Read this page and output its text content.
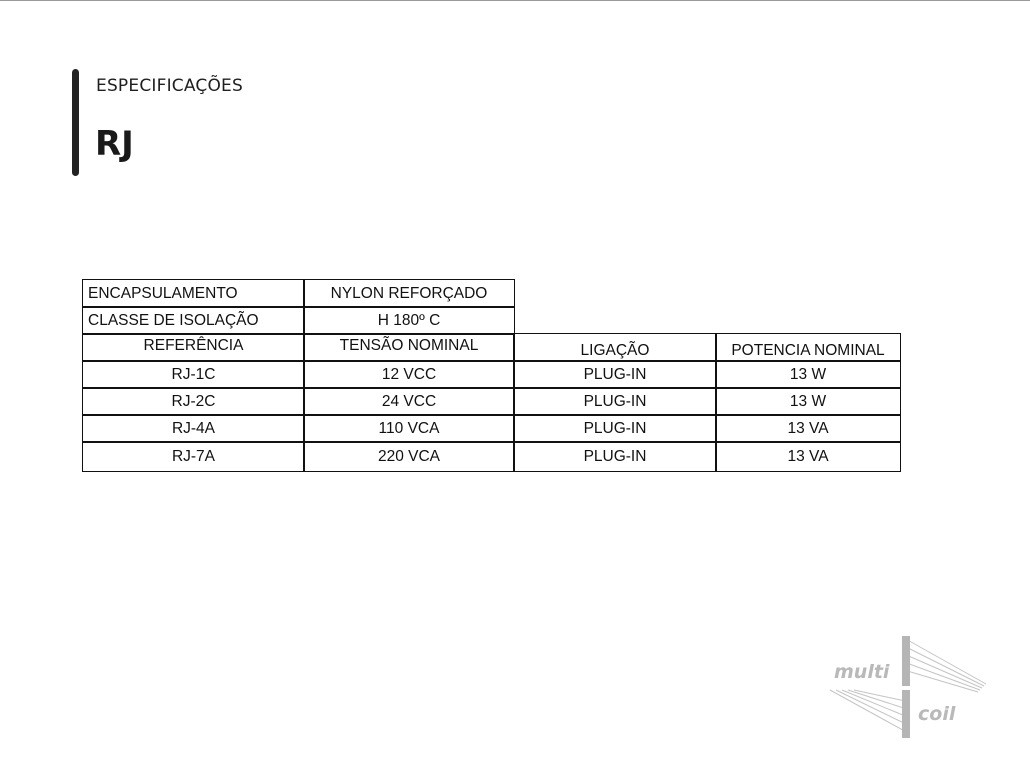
ESPECIFICAÇÕES
RJ
ENCAPSULAMENTO	NYLON REFORÇADO
CLASSE DE ISOLAÇÃO	H 180º C
REFERÊNCIA	TENSÃO NOMINAL	LIGAÇÃO	POTENCIA NOMINAL
RJ-1C	12 VCC	PLUG-IN	13 W
RJ-2C	24 VCC	PLUG-IN	13 W
RJ-4A	110 VCA	PLUG-IN	13 VA
RJ-7A	220 VCA	PLUG-IN	13 VA
multi
coil
